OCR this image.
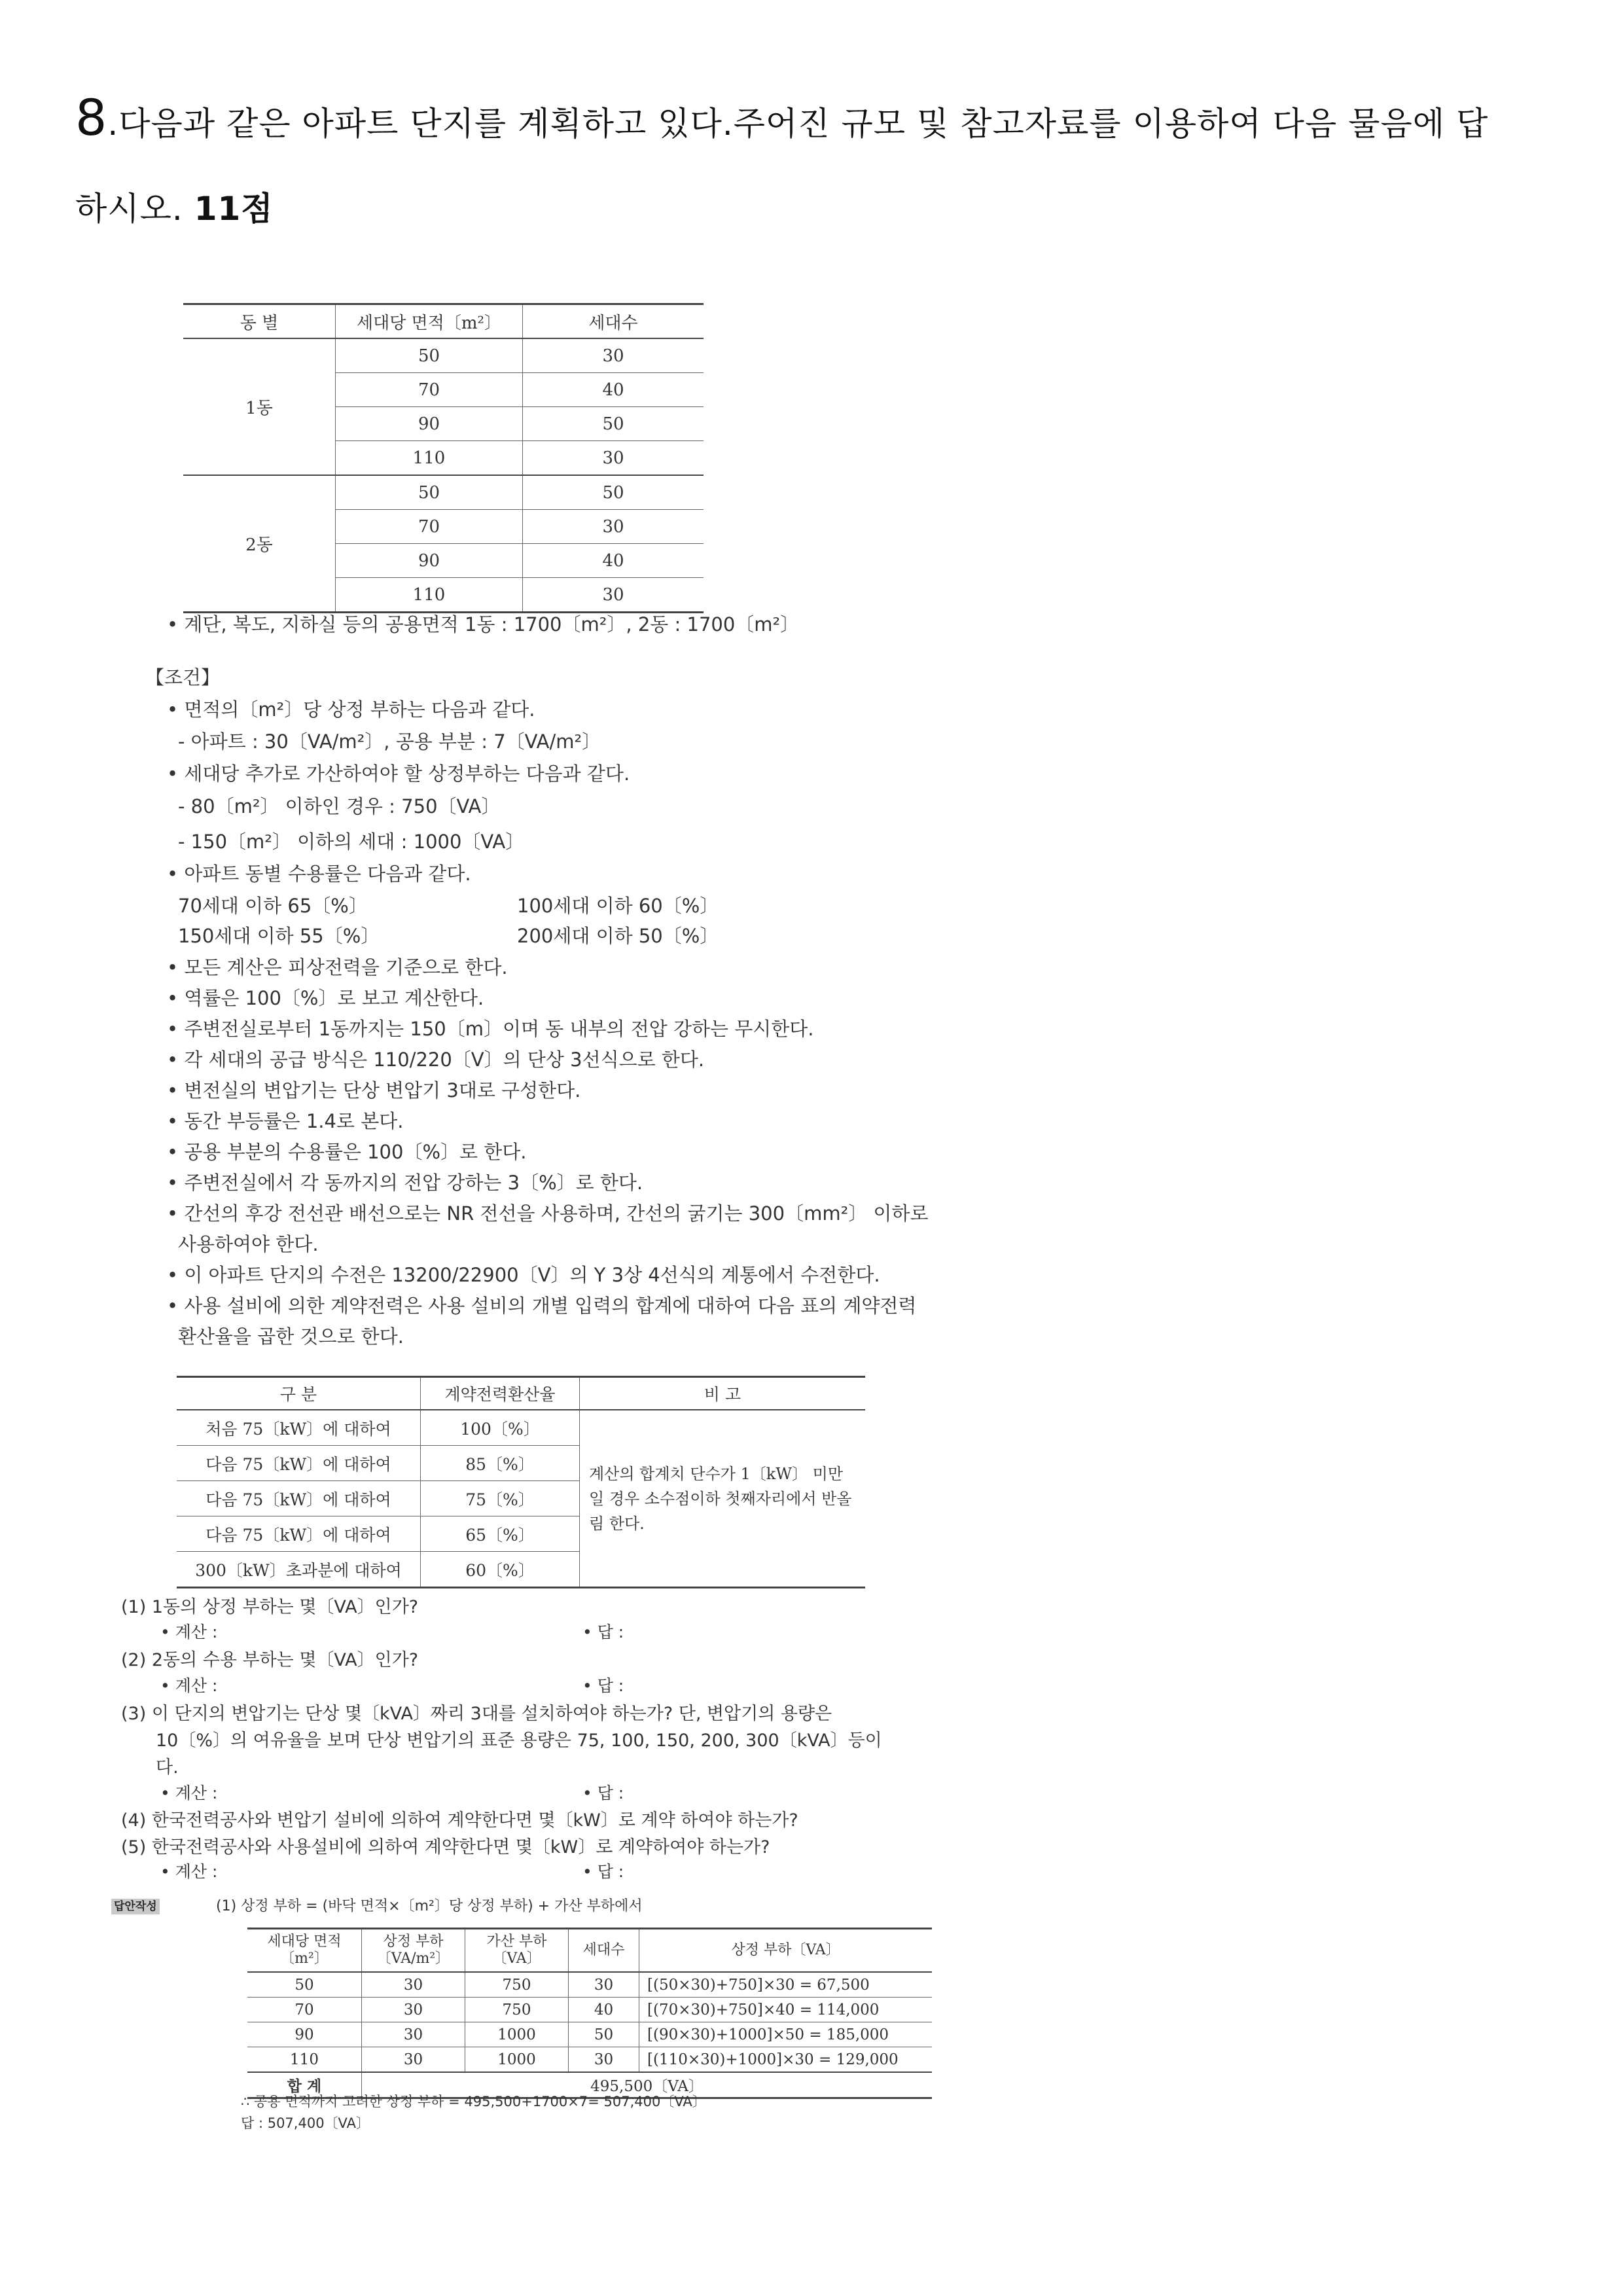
8.다음과 같은 아파트 단지를 계획하고 있다.주어진 규모 및 참고자료를 이용하여 다음 물음에 답
하시오. 11점
동 별	세대당 면적〔m²〕	세대수
1동	50	30
	70	40
	90	50
	110	30
2동	50	50
	70	30
	90	40
	110	30
• 계단, 복도, 지하실 등의 공용면적 1동 : 1700〔m²〕, 2동 : 1700〔m²〕
【조건】
• 면적의〔m²〕당 상정 부하는 다음과 같다.
- 아파트 : 30〔VA/m²〕, 공용 부분 : 7〔VA/m²〕
• 세대당 추가로 가산하여야 할 상정부하는 다음과 같다.
- 80〔m²〕 이하인 경우 : 750〔VA〕
- 150〔m²〕 이하의 세대 : 1000〔VA〕
• 아파트 동별 수용률은 다음과 같다.
70세대 이하 65〔%〕	100세대 이하 60〔%〕
150세대 이하 55〔%〕	200세대 이하 50〔%〕
• 모든 계산은 피상전력을 기준으로 한다.
• 역률은 100〔%〕로 보고 계산한다.
• 주변전실로부터 1동까지는 150〔m〕이며 동 내부의 전압 강하는 무시한다.
• 각 세대의 공급 방식은 110/220〔V〕의 단상 3선식으로 한다.
• 변전실의 변압기는 단상 변압기 3대로 구성한다.
• 동간 부등률은 1.4로 본다.
• 공용 부분의 수용률은 100〔%〕로 한다.
• 주변전실에서 각 동까지의 전압 강하는 3〔%〕로 한다.
• 간선의 후강 전선관 배선으로는 NR 전선을 사용하며, 간선의 굵기는 300〔mm²〕 이하로
사용하여야 한다.
• 이 아파트 단지의 수전은 13200/22900〔V〕의 Y 3상 4선식의 계통에서 수전한다.
• 사용 설비에 의한 계약전력은 사용 설비의 개별 입력의 합계에 대하여 다음 표의 계약전력
환산율을 곱한 것으로 한다.
구 분	계약전력환산율	비 고
처음 75〔kW〕에 대하여	100〔%〕	계산의 합계치 단수가 1〔kW〕 미만일 경우 소수점이하 첫째자리에서 반올림 한다.
다음 75〔kW〕에 대하여	85〔%〕	
다음 75〔kW〕에 대하여	75〔%〕	
다음 75〔kW〕에 대하여	65〔%〕	
300〔kW〕초과분에 대하여	60〔%〕	
(1) 1동의 상정 부하는 몇〔VA〕인가?
• 계산 :	• 답 :
(2) 2동의 수용 부하는 몇〔VA〕인가?
• 계산 :	• 답 :
(3) 이 단지의 변압기는 단상 몇〔kVA〕짜리 3대를 설치하여야 하는가? 단, 변압기의 용량은
10〔%〕의 여유율을 보며 단상 변압기의 표준 용량은 75, 100, 150, 200, 300〔kVA〕등이
다.
• 계산 :	• 답 :
(4) 한국전력공사와 변압기 설비에 의하여 계약한다면 몇〔kW〕로 계약 하여야 하는가?
(5) 한국전력공사와 사용설비에 의하여 계약한다면 몇〔kW〕로 계약하여야 하는가?
• 계산 :	• 답 :
답안작성	(1) 상정 부하 = (바닥 면적×〔m²〕당 상정 부하) + 가산 부하에서
세대당 면적〔m²〕	상정 부하〔VA/m²〕	가산 부하〔VA〕	세대수	상정 부하〔VA〕
50	30	750	30	[(50×30)+750]×30 = 67,500
70	30	750	40	[(70×30)+750]×40 = 114,000
90	30	1000	50	[(90×30)+1000]×50 = 185,000
110	30	1000	30	[(110×30)+1000]×30 = 129,000
합 계	495,500〔VA〕			
∴ 공용 면적까지 고려한 상정 부하 = 495,500+1700×7= 507,400〔VA〕
답 : 507,400〔VA〕
